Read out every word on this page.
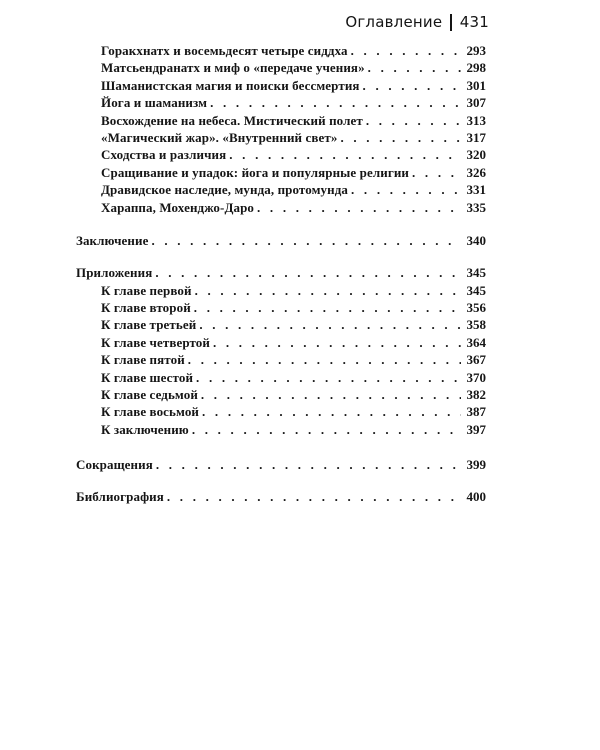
Оглавление 431
Горакхнатх и восемьдесят четыре сиддха . . .	293
Матсьендранатх и миф о «передаче учения» . . .	298
Шаманистская магия и поиски бессмертия . . .	301
Йога и шаманизм . . .	307
Восхождение на небеса. Мистический полет . . .	313
«Магический жар». «Внутренний свет» . . .	317
Сходства и различия . . .	320
Сращивание и упадок: йога и популярные религии . . .	326
Дравидское наследие, мунда, протомунда . . .	331
Хараппа, Мохенджо-Даро . . .	335
Заключение . . .	340
Приложения . . .	345
К главе первой . . .	345
К главе второй . . .	356
К главе третьей . . .	358
К главе четвертой . . .	364
К главе пятой . . .	367
К главе шестой . . .	370
К главе седьмой . . .	382
К главе восьмой . . .	387
К заключению . . .	397
Сокращения . . .	399
Библиография . . .	400
